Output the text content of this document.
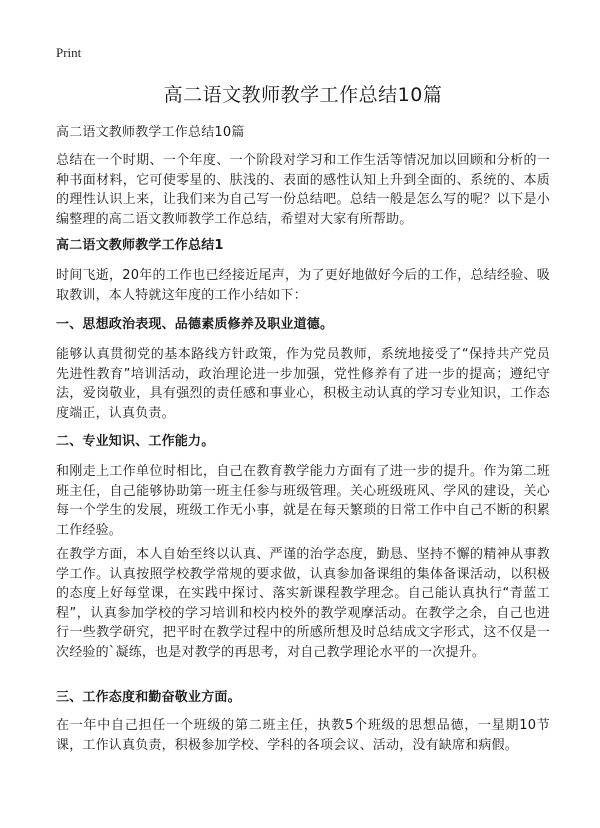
Print
高二语文教师教学工作总结10篇

高二语文教师教学工作总结10篇

总结在一个时期、一个年度、一个阶段对学习和工作生活等情况加以回顾和分析的一种书面材料，它可使零星的、肤浅的、表面的感性认知上升到全面的、系统的、本质的理性认识上来，让我们来为自己写一份总结吧。总结一般是怎么写的呢？以下是小编整理的高二语文教师教学工作总结，希望对大家有所帮助。

高二语文教师教学工作总结1

时间飞逝，20年的工作也已经接近尾声，为了更好地做好今后的工作，总结经验、吸取教训，本人特就这年度的工作小结如下：

一、思想政治表现、品德素质修养及职业道德。

能够认真贯彻党的基本路线方针政策，作为党员教师，系统地接受了“保持共产党员先进性教育”培训活动，政治理论进一步加强，党性修养有了进一步的提高；遵纪守法，爱岗敬业，具有强烈的责任感和事业心，积极主动认真的学习专业知识，工作态度端正，认真负责。

二、专业知识、工作能力。

和刚走上工作单位时相比，自己在教育教学能力方面有了进一步的提升。作为第二班班主任，自己能够协助第一班主任参与班级管理。关心班级班风、学风的建设，关心每一个学生的发展，班级工作无小事，就是在每天繁琐的日常工作中自己不断的积累工作经验。

在教学方面，本人自始至终以认真、严谨的治学态度，勤恳、坚持不懈的精神从事教学工作。认真按照学校教学常规的要求做，认真参加备课组的集体备课活动，以积极的态度上好每堂课，在实践中探讨、落实新课程教学理念。自己能认真执行“青蓝工程”，认真参加学校的学习培训和校内校外的教学观摩活动。在教学之余，自己也进行一些教学研究，把平时在教学过程中的所感所想及时总结成文字形式，这不仅是一次经验的`凝练，也是对教学的再思考，对自己教学理论水平的一次提升。

三、工作态度和勤奋敬业方面。

在一年中自己担任一个班级的第二班主任，执教5个班级的思想品德，一星期10节课，工作认真负责，积极参加学校、学科的各项会议、活动，没有缺席和病假。
